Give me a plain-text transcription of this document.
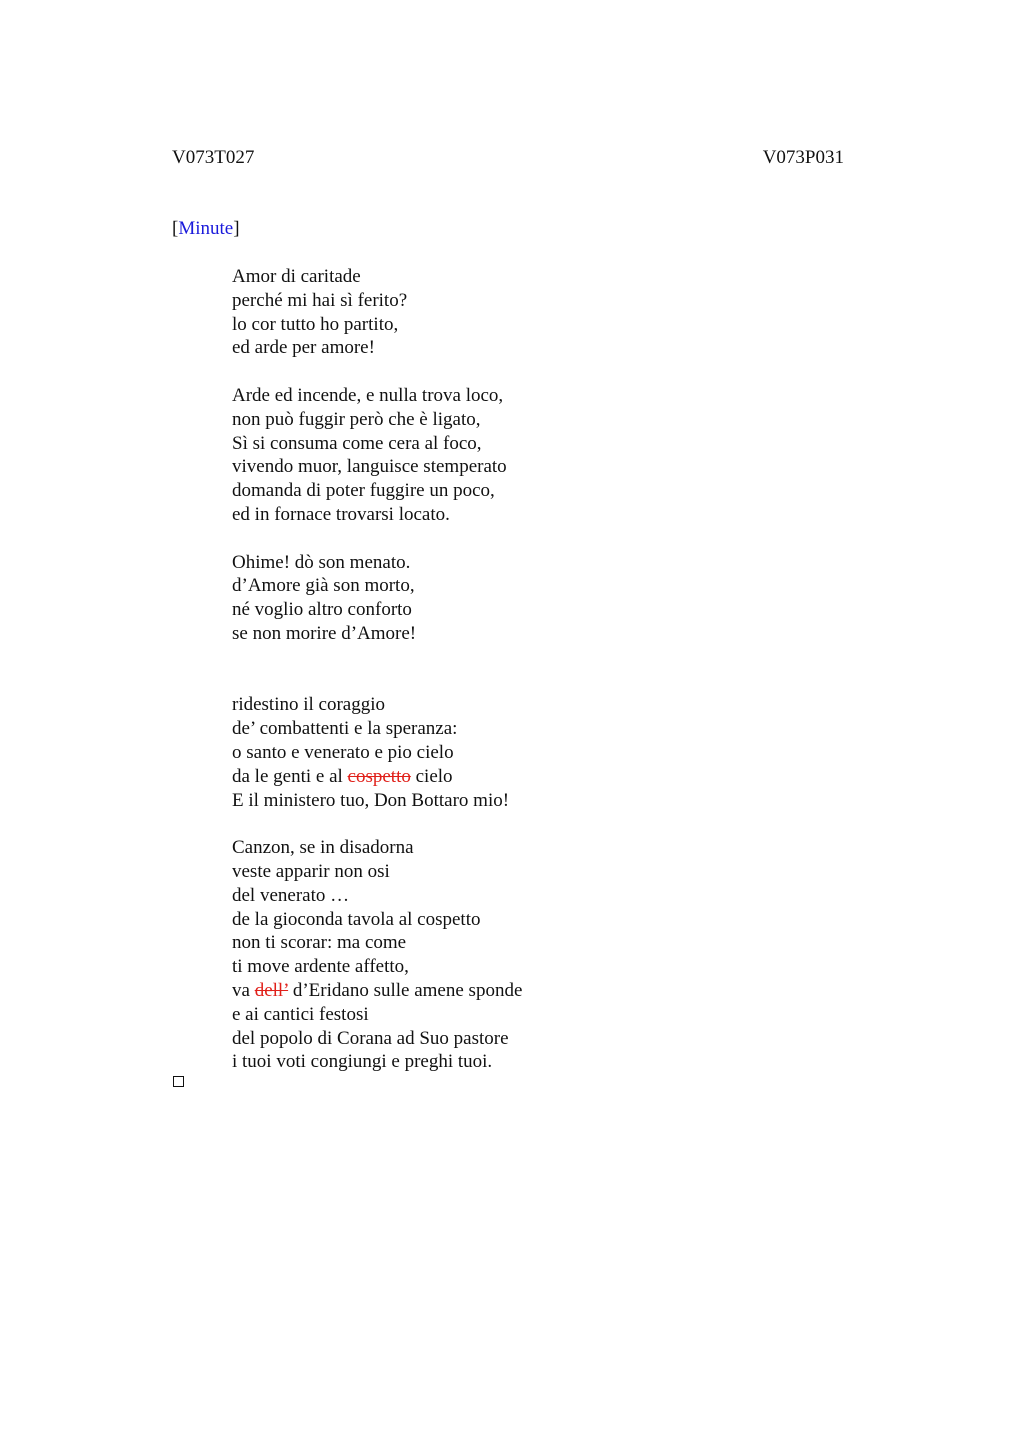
V073T027	V073P031
[Minute]
Amor di caritade
perché mi hai sì ferito?
lo cor tutto ho partito,
ed arde per amore!
Arde ed incende, e nulla trova loco,
non può fuggir però che è ligato,
Sì si consuma come cera al foco,
vivendo muor, languisce stemperato
domanda di poter fuggire un poco,
ed in fornace trovarsi locato.
Ohime! dò son menato.
d’Amore già son morto,
né voglio altro conforto
se non morire d’Amore!
ridestino il coraggio
de’ combattenti e la speranza:
o santo e venerato e pio cielo
da le genti e al cospetto cielo
E il ministero tuo, Don Bottaro mio!
Canzon, se in disadorna
veste apparir non osi
del venerato …
de la gioconda tavola al cospetto
non ti scorar: ma come
ti move ardente affetto,
va dell’ d’Eridano sulle amene sponde
e ai cantici festosi
del popolo di Corana ad Suo pastore
i tuoi voti congiungi e preghi tuoi.
